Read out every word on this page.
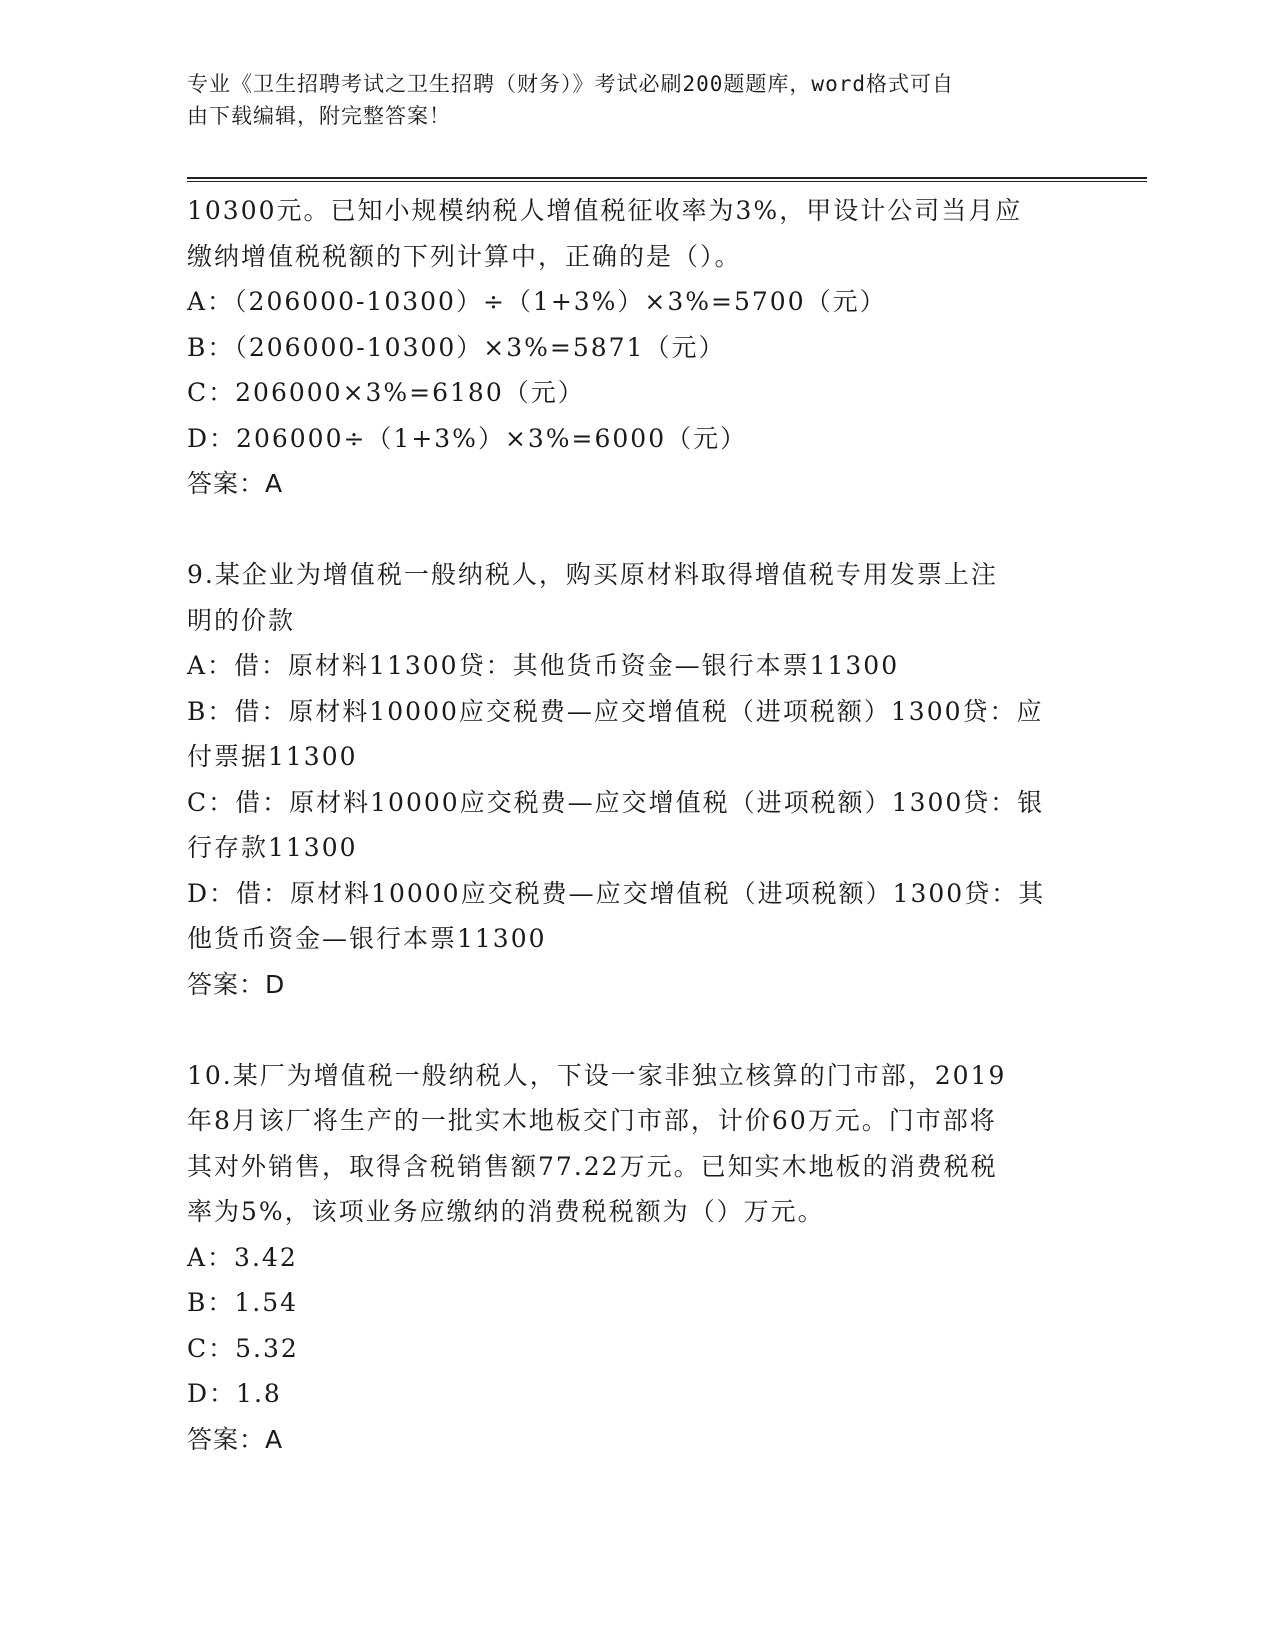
专业《卫生招聘考试之卫生招聘（财务）》考试必刷200题题库，word格式可自
由下载编辑，附完整答案！
10300元。已知小规模纳税人增值税征收率为3%，甲设计公司当月应
缴纳增值税税额的下列计算中，正确的是（）。
A：（206000-10300）÷（1+3%）×3%=5700（元）
B：（206000-10300）×3%=5871（元）
C：206000×3%=6180（元）
D：206000÷（1+3%）×3%=6000（元）
答案：A
9.某企业为增值税一般纳税人，购买原材料取得增值税专用发票上注
明的价款
A：借：原材料11300贷：其他货币资金—银行本票11300
B：借：原材料10000应交税费—应交增值税（进项税额）1300贷：应
付票据11300
C：借：原材料10000应交税费—应交增值税（进项税额）1300贷：银
行存款11300
D：借：原材料10000应交税费—应交增值税（进项税额）1300贷：其
他货币资金—银行本票11300
答案：D
10.某厂为增值税一般纳税人，下设一家非独立核算的门市部，2019
年8月该厂将生产的一批实木地板交门市部，计价60万元。门市部将
其对外销售，取得含税销售额77.22万元。已知实木地板的消费税税
率为5%，该项业务应缴纳的消费税税额为（）万元。
A：3.42
B：1.54
C：5.32
D：1.8
答案：A
